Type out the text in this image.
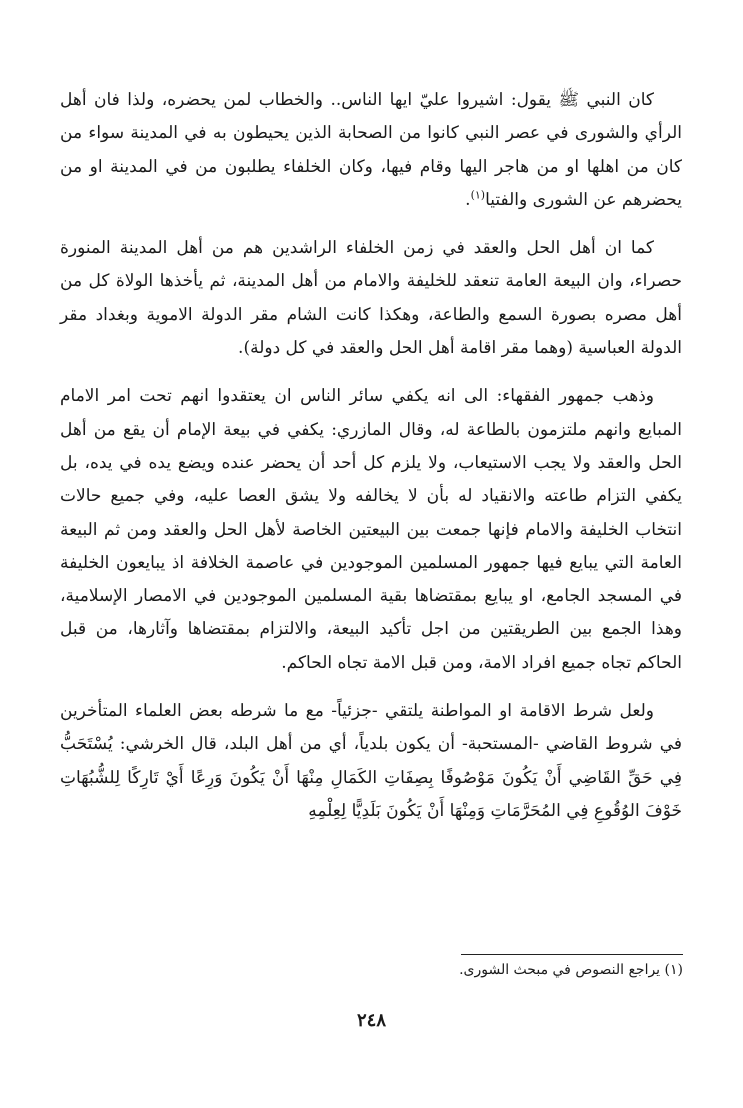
كان النبي ﷺ يقول: اشيروا عليّ ايها الناس.. والخطاب لمن يحضره، ولذا فان أهل الرأي والشورى في عصر النبي كانوا من الصحابة الذين يحيطون به في المدينة سواء من كان من اهلها او من هاجر اليها وقام فيها، وكان الخلفاء يطلبون من في المدينة او من يحضرهم عن الشورى والفتيا$^{(١)}$.

كما ان أهل الحل والعقد في زمن الخلفاء الراشدين هم من أهل المدينة المنورة حصراء، وان البيعة العامة تنعقد للخليفة والامام من أهل المدينة، ثم يأخذها الولاة كل من أهل مصره بصورة السمع والطاعة، وهكذا كانت الشام مقر الدولة الاموية وبغداد مقر الدولة العباسية (وهما مقر اقامة أهل الحل والعقد في كل دولة).

وذهب جمهور الفقهاء: الى انه يكفي سائر الناس ان يعتقدوا انهم تحت امر الامام المبايع وانهم ملتزمون بالطاعة له، وقال المازري: يكفي في بيعة الإمام أن يقع من أهل الحل والعقد ولا يجب الاستيعاب، ولا يلزم كل أحد أن يحضر عنده ويضع يده في يده، بل يكفي التزام طاعته والانقياد له بأن لا يخالفه ولا يشق العصا عليه، وفي جميع حالات انتخاب الخليفة والامام فإنها جمعت بين البيعتين الخاصة لأهل الحل والعقد ومن ثم البيعة العامة التي يبايع فيها جمهور المسلمين الموجودين في عاصمة الخلافة اذ يبايعون الخليفة في المسجد الجامع، او يبايع بمقتضاها بقية المسلمين الموجودين في الامصار الإسلامية، وهذا الجمع بين الطريقتين من اجل تأكيد البيعة، والالتزام بمقتضاها وآثارها، من قبل الحاكم تجاه جميع افراد الامة، ومن قبل الامة تجاه الحاكم.

ولعل شرط الاقامة او المواطنة يلتقي -جزئياً- مع ما شرطه بعض العلماء المتأخرين في شروط القاضي -المستحبة- أن يكون بلدياً، أي من أهل البلد، قال الخرشي: يُسْتَحَبُّ فِي حَقِّ القَاضِي أَنْ يَكُونَ مَوْصُوفًا بِصِفَاتِ الكَمَالِ مِنْهَا أَنْ يَكُونَ وَرِعًا أَيْ تَارِكًا لِلشُّبُهَاتِ خَوْفَ الوُقُوعِ فِي المُحَرَّمَاتِ وَمِنْهَا أَنْ يَكُونَ بَلَدِيًّا لِعِلْمِهِ

(١) يراجع النصوص في مبحث الشورى.
٢٤٨
